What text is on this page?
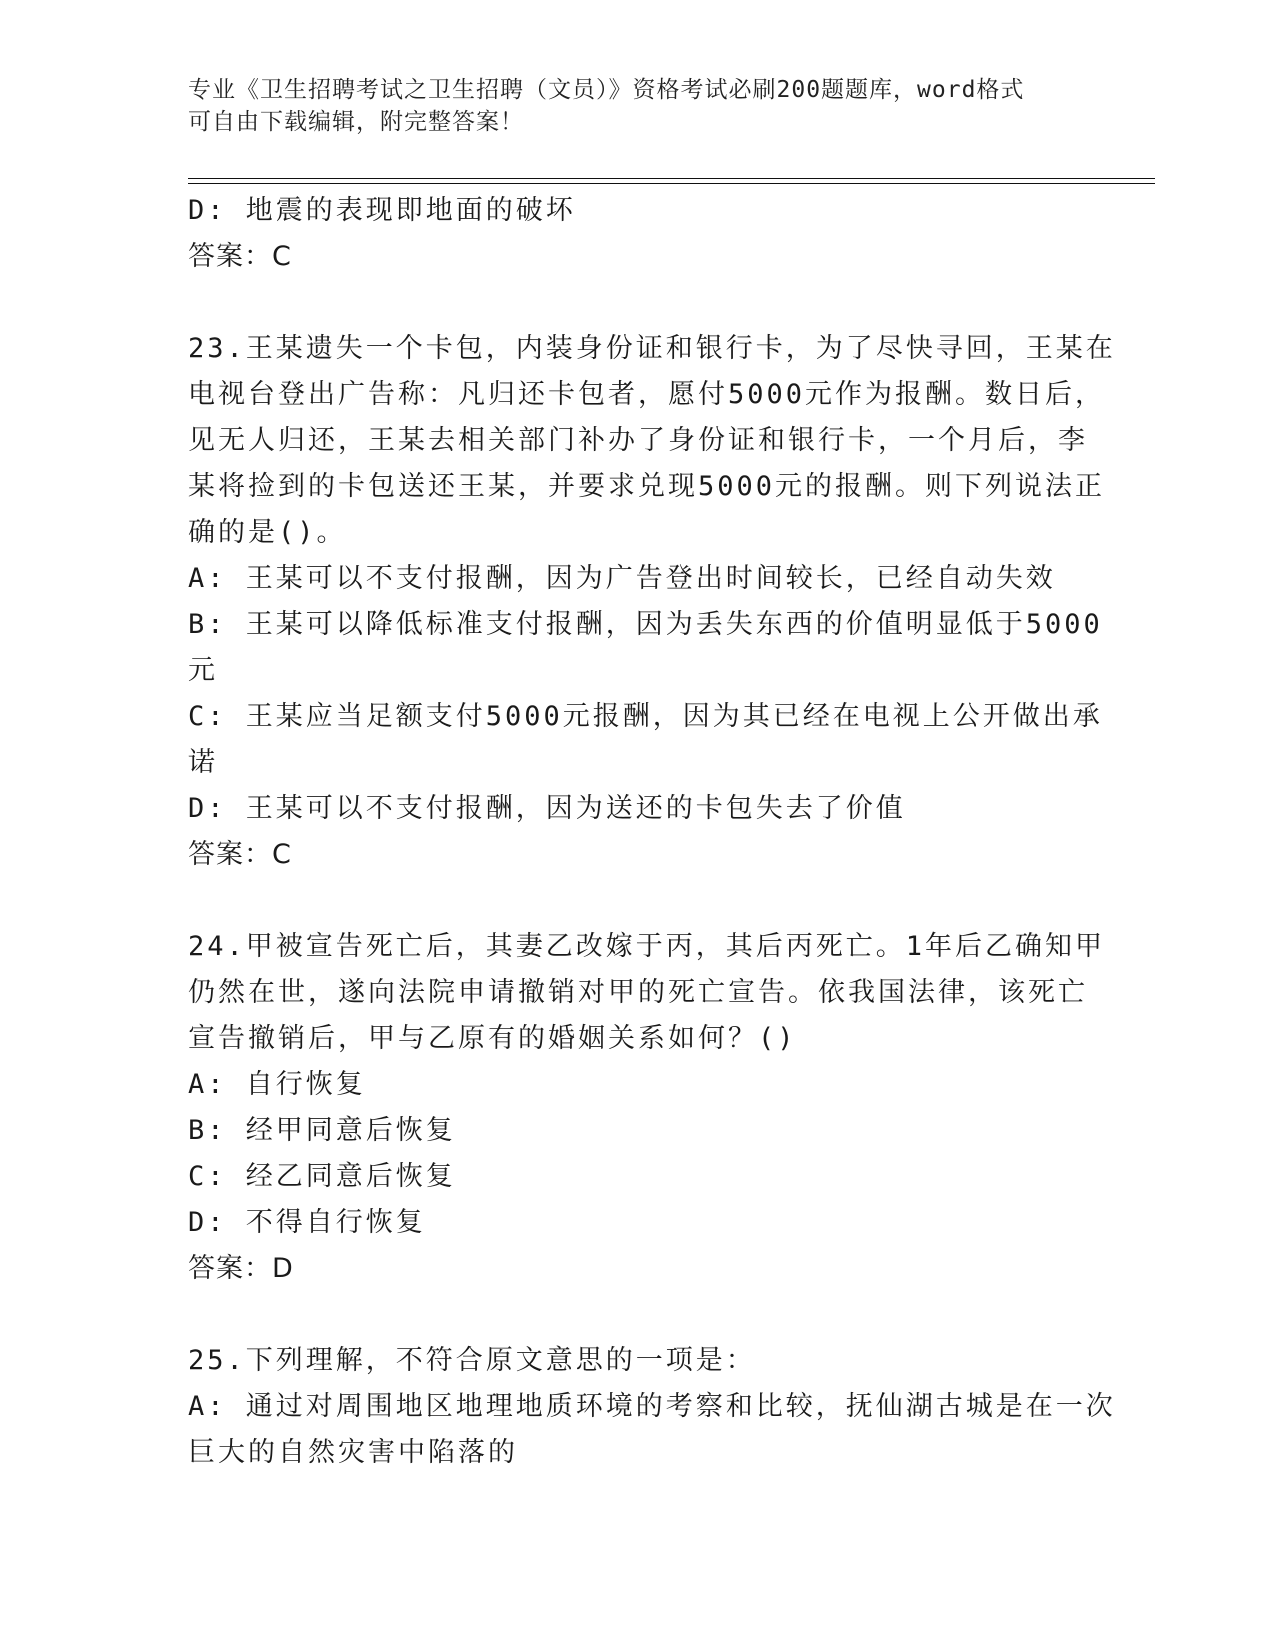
专业《卫生招聘考试之卫生招聘（文员）》资格考试必刷200题题库，word格式
可自由下载编辑，附完整答案！
D: 地震的表现即地面的破坏
答案：C
23.王某遗失一个卡包，内装身份证和银行卡，为了尽快寻回，王某在
电视台登出广告称：凡归还卡包者，愿付5000元作为报酬。数日后，
见无人归还，王某去相关部门补办了身份证和银行卡，一个月后，李
某将捡到的卡包送还王某，并要求兑现5000元的报酬。则下列说法正
确的是()。
A: 王某可以不支付报酬，因为广告登出时间较长，已经自动失效
B: 王某可以降低标准支付报酬，因为丢失东西的价值明显低于5000
元
C: 王某应当足额支付5000元报酬，因为其已经在电视上公开做出承
诺
D: 王某可以不支付报酬，因为送还的卡包失去了价值
答案：C
24.甲被宣告死亡后，其妻乙改嫁于丙，其后丙死亡。1年后乙确知甲
仍然在世，遂向法院申请撤销对甲的死亡宣告。依我国法律，该死亡
宣告撤销后，甲与乙原有的婚姻关系如何？()
A: 自行恢复
B: 经甲同意后恢复
C: 经乙同意后恢复
D: 不得自行恢复
答案：D
25.下列理解，不符合原文意思的一项是：
A: 通过对周围地区地理地质环境的考察和比较，抚仙湖古城是在一次
巨大的自然灾害中陷落的
